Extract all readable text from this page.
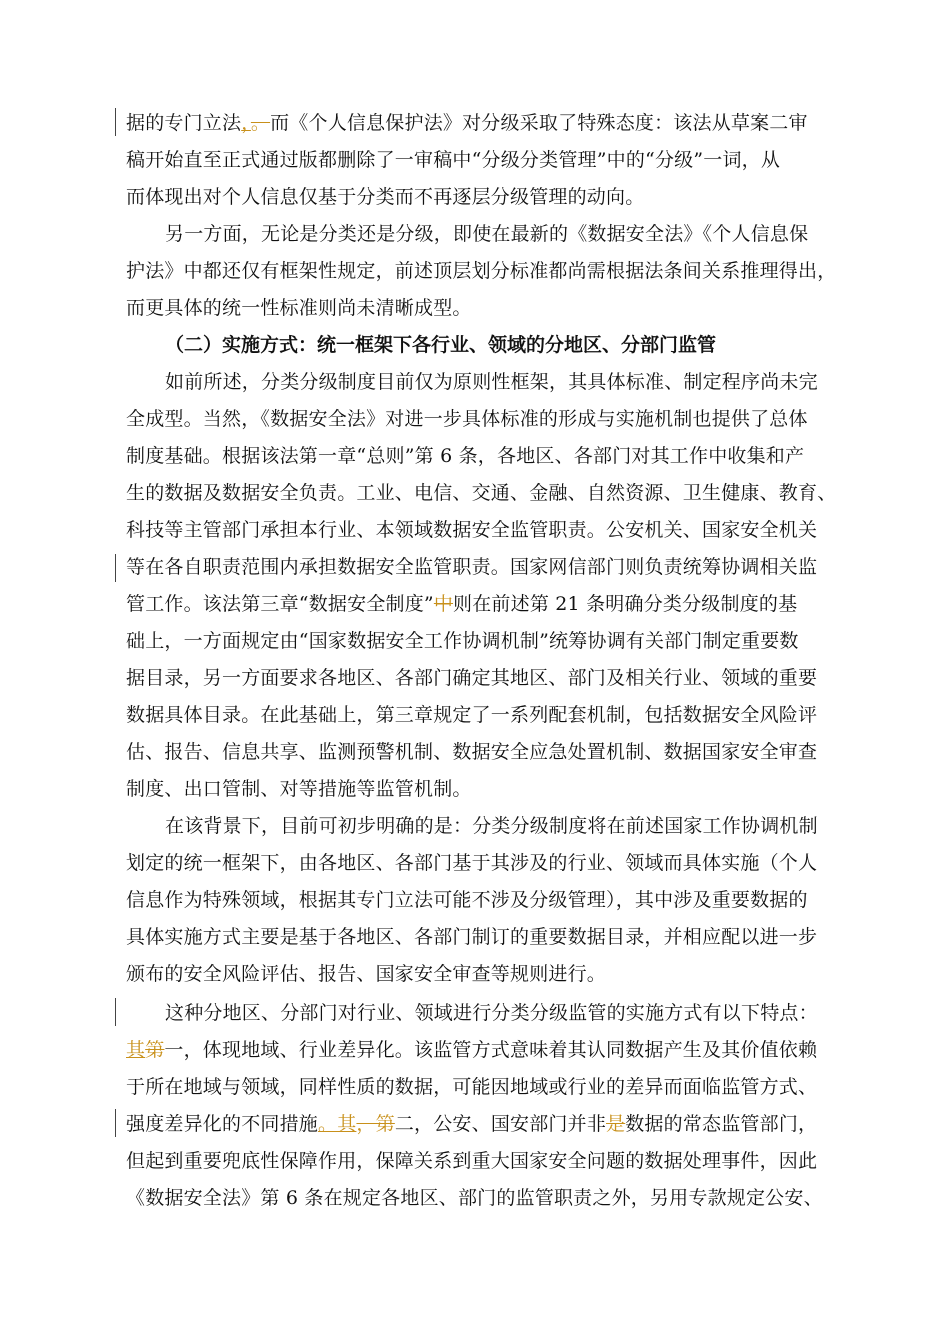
据的专门立法，。而《个人信息保护法》对分级采取了特殊态度：该法从草案二审
稿开始直至正式通过版都删除了一审稿中“分级分类管理”中的“分级”一词，从
而体现出对个人信息仅基于分类而不再逐层分级管理的动向。
另一方面，无论是分类还是分级，即使在最新的《数据安全法》《个人信息保
护法》中都还仅有框架性规定，前述顶层划分标准都尚需根据法条间关系推理得出，
而更具体的统一性标准则尚未清晰成型。
（二）实施方式：统一框架下各行业、领域的分地区、分部门监管
如前所述，分类分级制度目前仅为原则性框架，其具体标准、制定程序尚未完
全成型。当然，《数据安全法》对进一步具体标准的形成与实施机制也提供了总体
制度基础。根据该法第一章“总则”第 6 条，各地区、各部门对其工作中收集和产
生的数据及数据安全负责。工业、电信、交通、金融、自然资源、卫生健康、教育、
科技等主管部门承担本行业、本领域数据安全监管职责。公安机关、国家安全机关
等在各自职责范围内承担数据安全监管职责。国家网信部门则负责统筹协调相关监
管工作。该法第三章“数据安全制度”中则在前述第 21 条明确分类分级制度的基
础上，一方面规定由“国家数据安全工作协调机制”统筹协调有关部门制定重要数
据目录，另一方面要求各地区、各部门确定其地区、部门及相关行业、领域的重要
数据具体目录。在此基础上，第三章规定了一系列配套机制，包括数据安全风险评
估、报告、信息共享、监测预警机制、数据安全应急处置机制、数据国家安全审查
制度、出口管制、对等措施等监管机制。
在该背景下，目前可初步明确的是：分类分级制度将在前述国家工作协调机制
划定的统一框架下，由各地区、各部门基于其涉及的行业、领域而具体实施（个人
信息作为特殊领域，根据其专门立法可能不涉及分级管理），其中涉及重要数据的
具体实施方式主要是基于各地区、各部门制订的重要数据目录，并相应配以进一步
颁布的安全风险评估、报告、国家安全审查等规则进行。
这种分地区、分部门对行业、领域进行分类分级监管的实施方式有以下特点：
其第一，体现地域、行业差异化。该监管方式意味着其认同数据产生及其价值依赖
于所在地域与领域，同样性质的数据，可能因地域或行业的差异而面临监管方式、
强度差异化的不同措施。其，第二，公安、国安部门并非是数据的常态监管部门，
但起到重要兜底性保障作用，保障关系到重大国家安全问题的数据处理事件，因此
《数据安全法》第 6 条在规定各地区、部门的监管职责之外，另用专款规定公安、
